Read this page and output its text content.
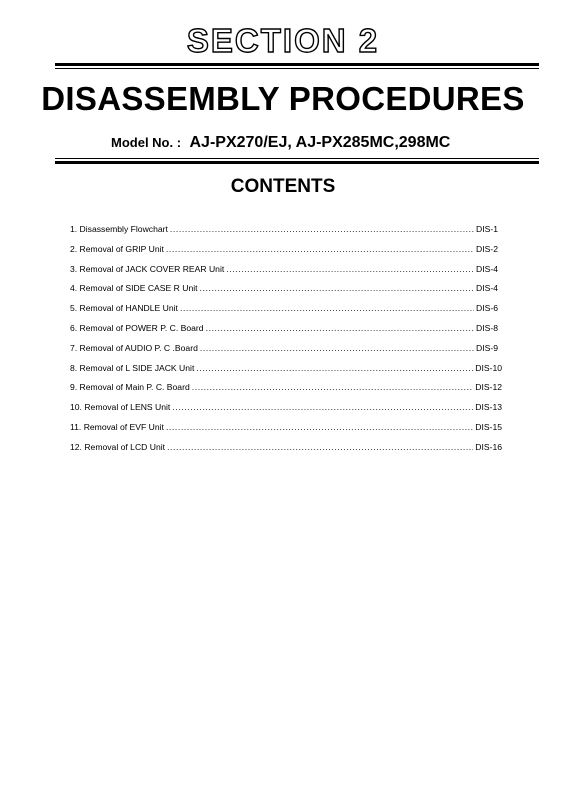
SECTION 2
DISASSEMBLY PROCEDURES
Model No. : AJ-PX270/EJ, AJ-PX285MC,298MC
CONTENTS
1. Disassembly Flowchart .....	DIS-1
2. Removal of GRIP Unit .....	DIS-2
3. Removal of JACK COVER REAR Unit .....	DIS-4
4. Removal of SIDE CASE R Unit .....	DIS-4
5. Removal of HANDLE Unit .....	DIS-6
6. Removal of POWER P. C. Board .....	DIS-8
7. Removal of AUDIO P. C .Board .....	DIS-9
8. Removal of L SIDE JACK Unit .....	DIS-10
9. Removal of Main P. C. Board .....	DIS-12
10. Removal of LENS Unit .....	DIS-13
11. Removal of EVF Unit .....	DIS-15
12. Removal of LCD Unit .....	DIS-16
